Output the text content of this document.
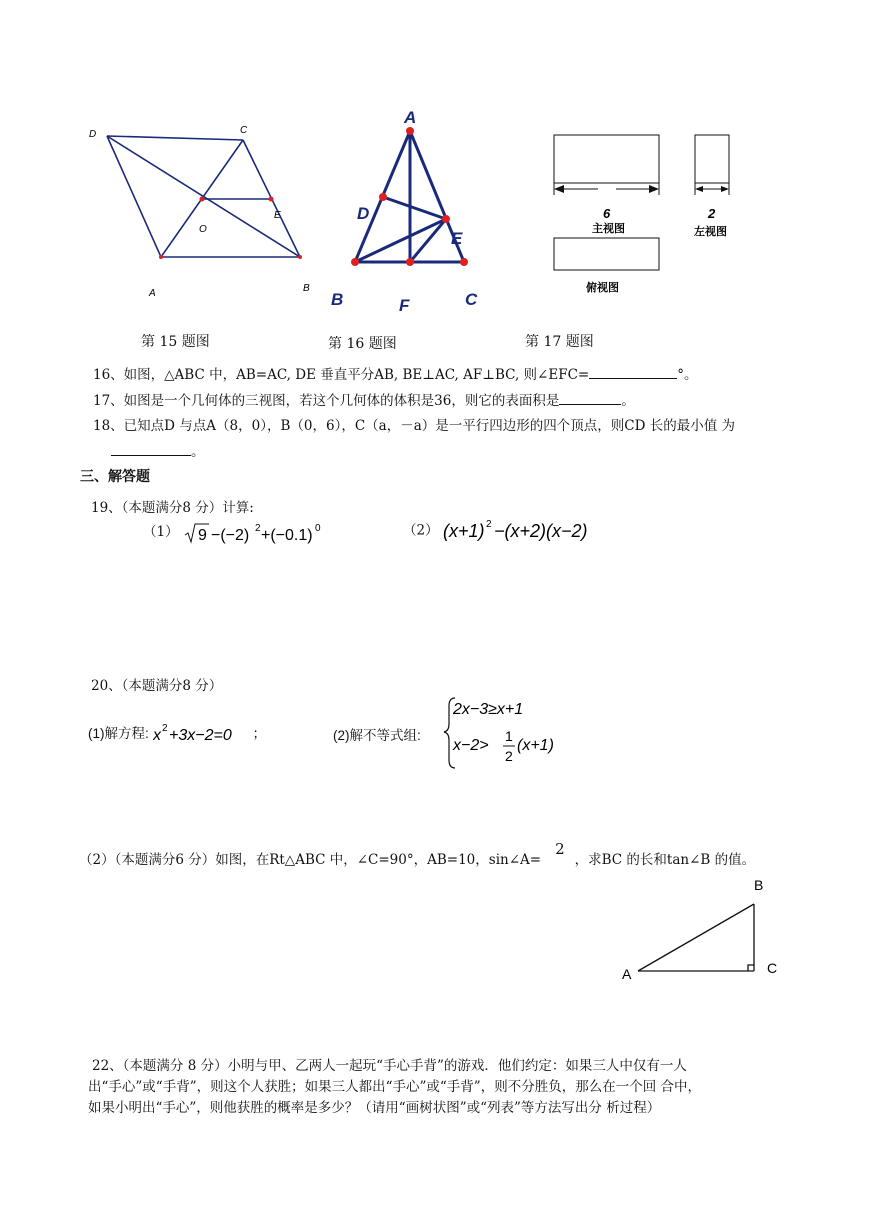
D	C
O
E
A	B
A
D
E
B	F	C
6
主视图
2
左视图
俯视图
第 15 题图	第 16 题图	第 17 题图
16、如图，△ABC 中，AB=AC, DE 垂直平分AB, BE⊥AC, AF⊥BC, 则∠EFC=	°。
17、如图是一个几何体的三视图，若这个几何体的体积是36，则它的表面积是	。
18、已知点D 与点A（8，0），B（0，6），C（a，－a）是一平行四边形的四个顶点，则CD 长的最小值 为
。
三、解答题
19、（本题满分8 分）计算:
（1） 9 −(−2) 2 +(−0.1) 0	（2） (x+1) 2 −(x+2)(x−2)
20、（本题满分8 分）
(1)解方程: x 2 +3x−2=0 ；	(2)解不等式组:
2x−3≥x+1
x−2>
1
2
(x+1)
（2）（本题满分6 分）如图，在Rt△ABC 中，∠C=90°，AB=10，sin∠A=2，求BC 的长和tan∠B 的值。
B
A	C
22、（本题满分 8 分）小明与甲、乙两人一起玩“手心手背”的游戏．他们约定：如果三人中仅有一人
出“手心”或“手背”，则这个人获胜；如果三人都出“手心”或“手背”，则不分胜负，那么在一个回 合中，
如果小明出“手心”，则他获胜的概率是多少？（请用“画树状图”或“列表”等方法写出分 析过程）
